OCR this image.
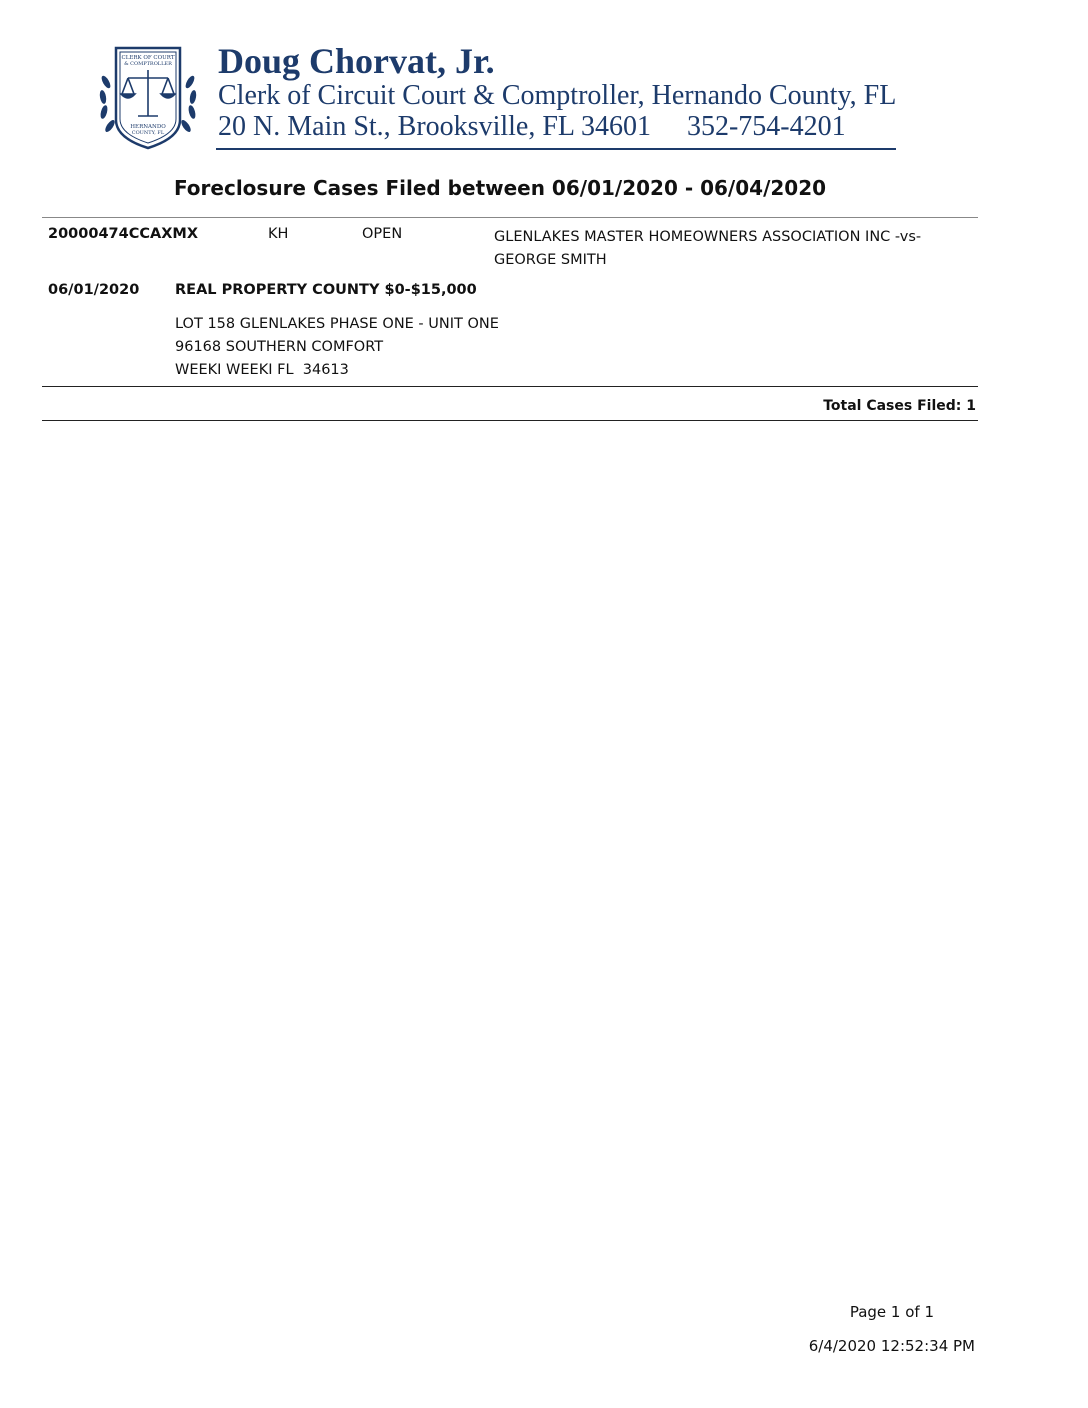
CLERK OF COURT
& COMPTROLLER
HERNANDO
COUNTY, FL
Doug Chorvat, Jr.
Clerk of Circuit Court & Comptroller, Hernando County, FL
20 N. Main St., Brooksville, FL 34601 352-754-4201
Foreclosure Cases Filed between 06/01/2020 - 06/04/2020
20000474CCAXMX	KH	OPEN	GLENLAKES MASTER HOMEOWNERS ASSOCIATION INC -vs- GEORGE SMITH
06/01/2020 REAL PROPERTY COUNTY $0-$15,000
LOT 158 GLENLAKES PHASE ONE - UNIT ONE
96168 SOUTHERN COMFORT
WEEKI WEEKI FL  34613
Total Cases Filed: 1
Page 1 of 1
6/4/2020 12:52:34 PM
